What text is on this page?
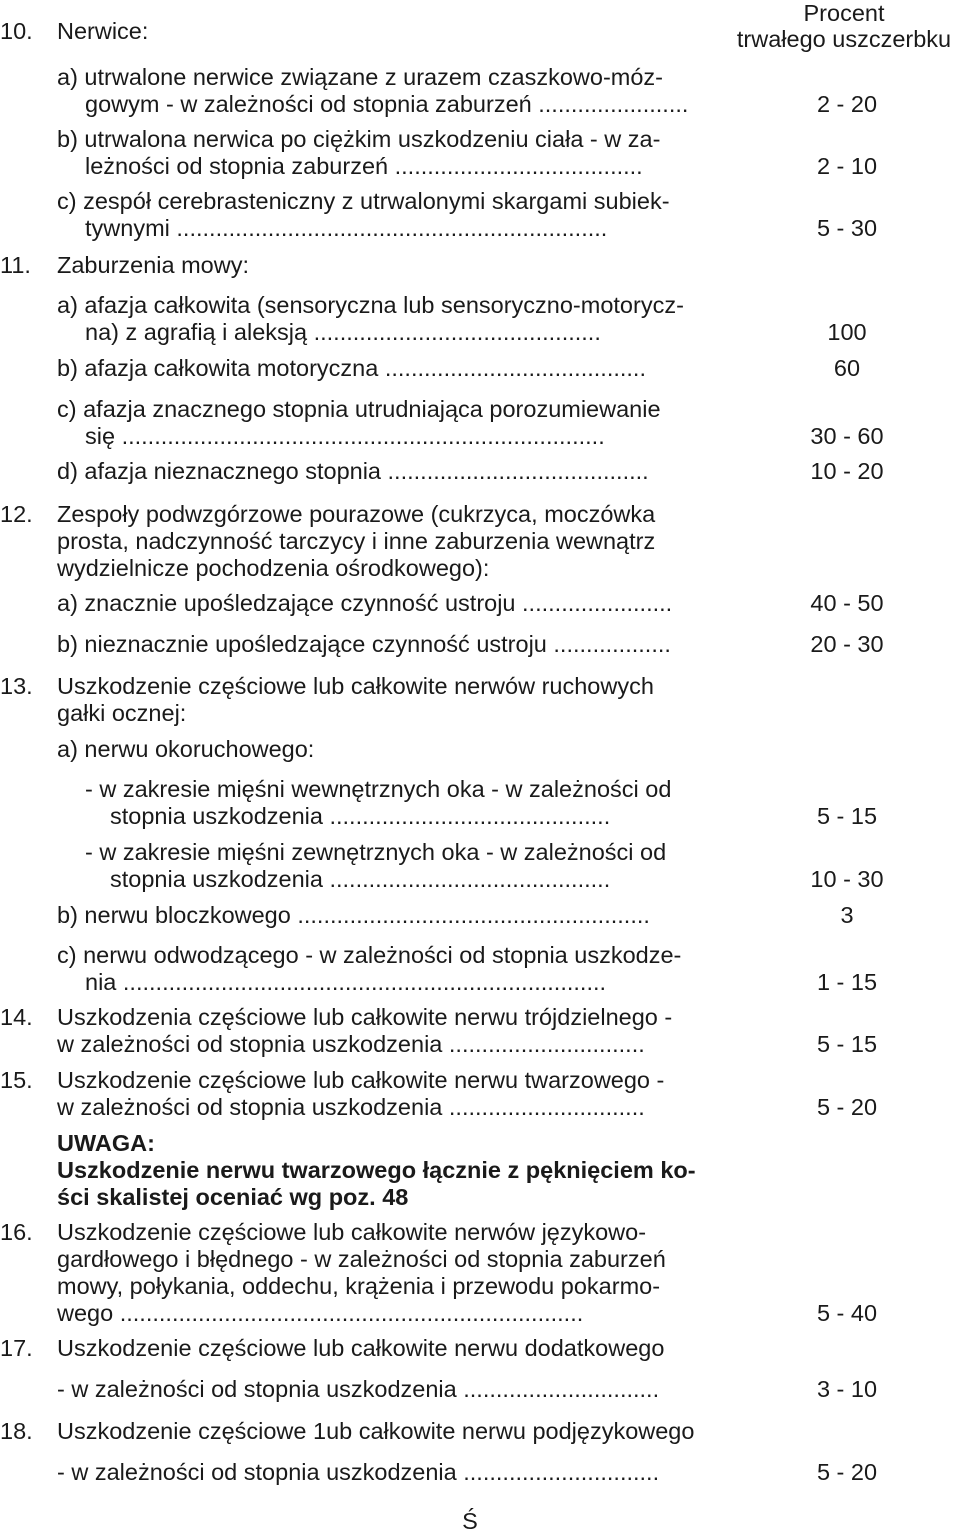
Procent
trwałego uszczerbku
10. Nerwice:
a) utrwalone nerwice związane z urazem czaszkowo-móz-
gowym - w zależności od stopnia zaburzeń .......................	2 - 20
b) utrwalona nerwica po ciężkim uszkodzeniu ciała - w za-
leżności od stopnia zaburzeń ......................................	2 - 10
c) zespół cerebrasteniczny z utrwalonymi skargami subiek-
tywnymi ..................................................................	5 - 30
11. Zaburzenia mowy:
a) afazja całkowita (sensoryczna lub sensoryczno-motorycz-
na) z agrafią i aleksją ............................................	100
b) afazja całkowita motoryczna ........................................	60
c) afazja znacznego stopnia utrudniająca porozumiewanie
się ..........................................................................	30 - 60
d) afazja nieznacznego stopnia ........................................	10 - 20
12. Zespoły podwzgórzowe pourazowe (cukrzyca, moczówka
prosta, nadczynność tarczycy i inne zaburzenia wewnątrz
wydzielnicze pochodzenia ośrodkowego):
a) znacznie upośledzające czynność ustroju .......................	40 - 50
b) nieznacznie upośledzające czynność ustroju ..................	20 - 30
13. Uszkodzenie częściowe lub całkowite nerwów ruchowych
gałki ocznej:
a) nerwu okoruchowego:
- w zakresie mięśni wewnętrznych oka - w zależności od
stopnia uszkodzenia ...........................................	5 - 15
- w zakresie mięśni zewnętrznych oka - w zależności od
stopnia uszkodzenia ...........................................	10 - 30
b) nerwu bloczkowego ......................................................	3
c) nerwu odwodzącego - w zależności od stopnia uszkodze-
nia ..........................................................................	1 - 15
14. Uszkodzenia częściowe lub całkowite nerwu trójdzielnego -
w zależności od stopnia uszkodzenia ..............................	5 - 15
15. Uszkodzenie częściowe lub całkowite nerwu twarzowego -
w zależności od stopnia uszkodzenia ..............................	5 - 20
UWAGA:
Uszkodzenie nerwu twarzowego łącznie z pęknięciem ko-
ści skalistej oceniać wg poz. 48
16. Uszkodzenie częściowe lub całkowite nerwów językowo-
gardłowego i błędnego - w zależności od stopnia zaburzeń
mowy, połykania, oddechu, krążenia i przewodu pokarmo-
wego .......................................................................	5 - 40
17. Uszkodzenie częściowe lub całkowite nerwu dodatkowego
- w zależności od stopnia uszkodzenia ..............................	3 - 10
18. Uszkodzenie częściowe 1ub całkowite nerwu podjęzykowego
- w zależności od stopnia uszkodzenia ..............................	5 - 20
Ś
